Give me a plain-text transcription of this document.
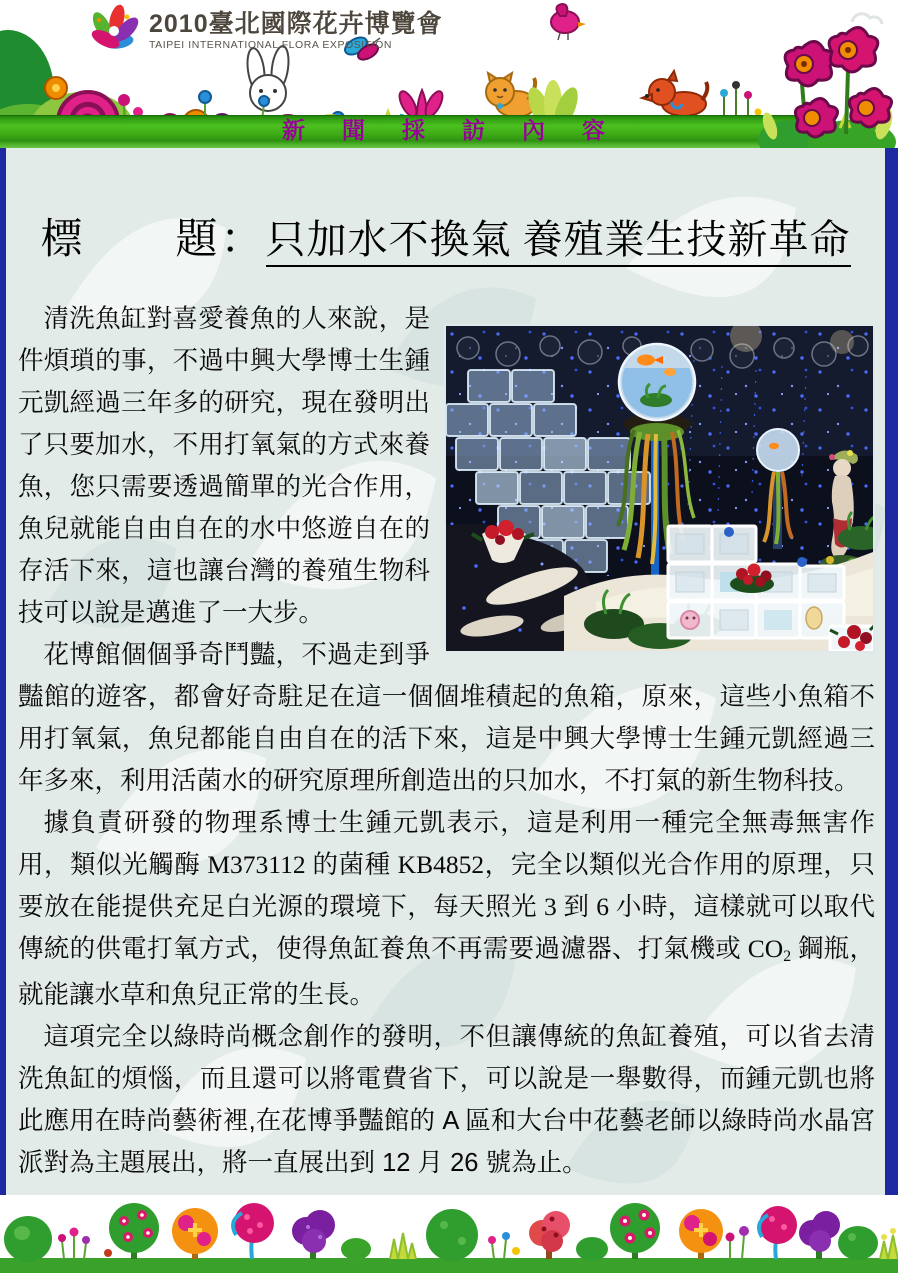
2010臺北國際花卉博覽會
TAIPEI INTERNATIONAL FLORA EXPOSITION
新　聞　採　訪　內　容
標　　題：只加水不換氣 養殖業生技新革命

清洗魚缸對喜愛養魚的人來說，是件煩瑣的事，不過中興大學博士生鍾元凱經過三年多的研究，現在發明出了只要加水，不用打氧氣的方式來養魚，您只需要透過簡單的光合作用，魚兒就能自由自在的水中悠遊自在的存活下來，這也讓台灣的養殖生物科技可以說是邁進了一大步。

花博館個個爭奇鬥豔，不過走到爭豔館的遊客，都會好奇駐足在這一個個堆積起的魚箱，原來，這些小魚箱不用打氧氣，魚兒都能自由自在的活下來，這是中興大學博士生鍾元凱經過三年多來，利用活菌水的研究原理所創造出的只加水，不打氣的新生物科技。

據負責研發的物理系博士生鍾元凱表示，這是利用一種完全無毒無害作用，類似光觸酶 M373112 的菌種 KB4852，完全以類似光合作用的原理，只要放在能提供充足白光源的環境下，每天照光 3 到 6 小時，這樣就可以取代傳統的供電打氧方式，使得魚缸養魚不再需要過濾器、打氣機或 CO2 鋼瓶，就能讓水草和魚兒正常的生長。

這項完全以綠時尚概念創作的發明，不但讓傳統的魚缸養殖，可以省去清洗魚缸的煩惱，而且還可以將電費省下，可以說是一舉數得，而鍾元凱也將此應用在時尚藝術裡,在花博爭豔館的 A 區和大台中花藝老師以綠時尚水晶宮派對為主題展出，將一直展出到 12 月 26 號為止。
